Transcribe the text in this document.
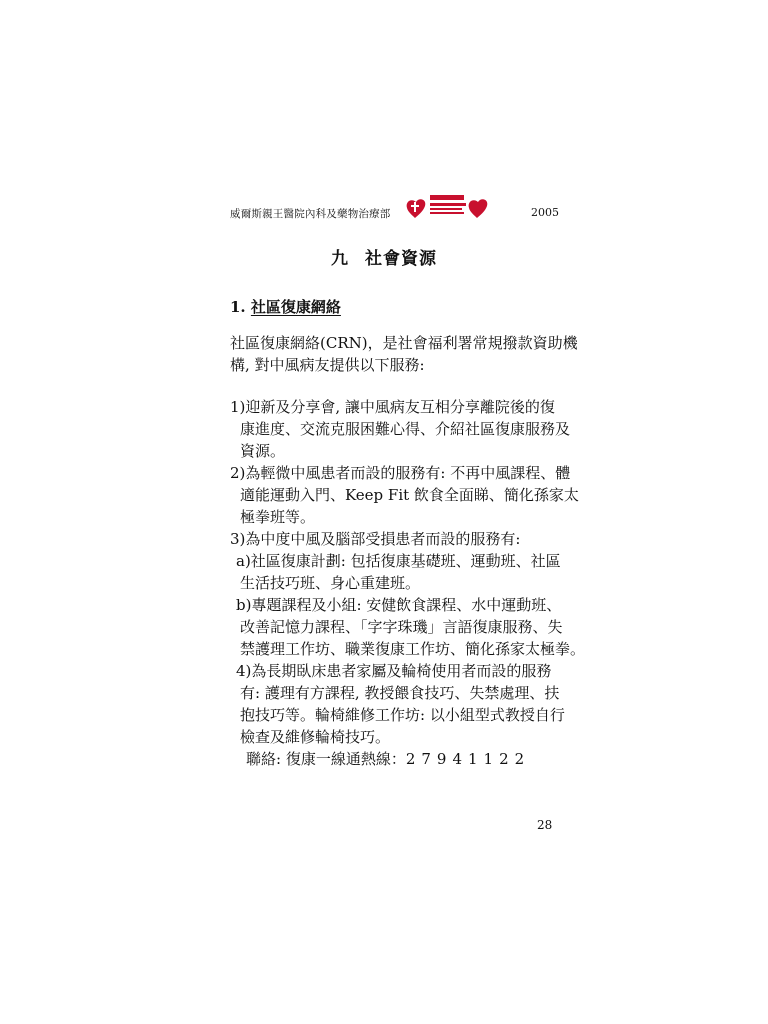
威爾斯親王醫院內科及藥物治療部	2005
九 社會資源
1. 社區復康網絡
社區復康網絡(CRN)，是社會福利署常規撥款資助機
構, 對中風病友提供以下服務:
1)迎新及分享會, 讓中風病友互相分享離院後的復
康進度、交流克服困難心得、介紹社區復康服務及
資源。
2)為輕微中風患者而設的服務有: 不再中風課程、體
適能運動入門、Keep Fit 飲食全面睇、簡化孫家太
極拳班等。
3)為中度中風及腦部受損患者而設的服務有:
a)社區復康計劃: 包括復康基礎班、運動班、社區
生活技巧班、身心重建班。
b)專題課程及小組: 安健飲食課程、水中運動班、
改善記憶力課程、「字字珠璣」言語復康服務、失
禁護理工作坊、職業復康工作坊、簡化孫家太極拳。
4)為長期臥床患者家屬及輪椅使用者而設的服務
有: 護理有方課程, 教授餵食技巧、失禁處理、扶
抱技巧等。輪椅維修工作坊: 以小組型式教授自行
檢查及維修輪椅技巧。
聯絡: 復康一線通熱線：27941122
28
